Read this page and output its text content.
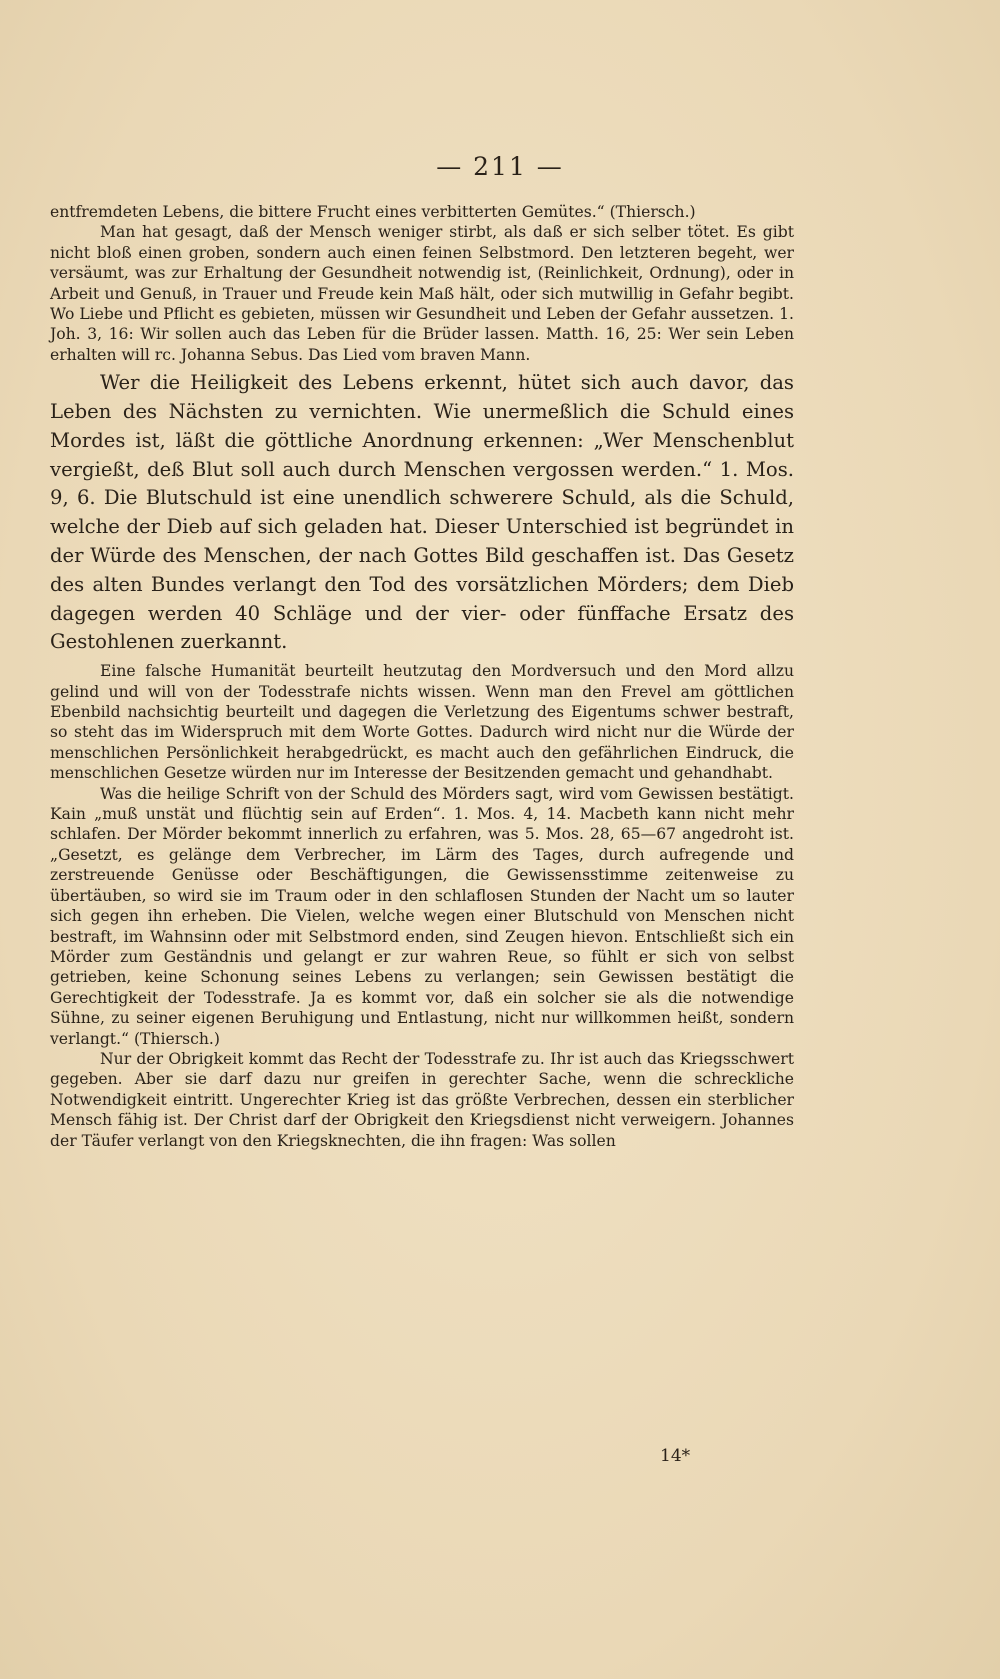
— 211 —

entfremdeten Lebens, die bittere Frucht eines verbitterten Gemütes.“ (Thiersch.)

Man hat gesagt, daß der Mensch weniger stirbt, als daß er sich selber tötet. Es gibt nicht bloß einen groben, sondern auch einen feinen Selbstmord. Den letzteren begeht, wer versäumt, was zur Erhaltung der Gesundheit notwendig ist, (Reinlichkeit, Ordnung), oder in Arbeit und Genuß, in Trauer und Freude kein Maß hält, oder sich mutwillig in Gefahr begibt. Wo Liebe und Pflicht es gebieten, müssen wir Gesundheit und Leben der Gefahr aussetzen. 1. Joh. 3, 16: Wir sollen auch das Leben für die Brüder lassen. Matth. 16, 25: Wer sein Leben erhalten will rc. Johanna Sebus. Das Lied vom braven Mann.

Wer die Heiligkeit des Lebens erkennt, hütet sich auch davor, das Leben des Nächsten zu vernichten. Wie unermeßlich die Schuld eines Mordes ist, läßt die göttliche Anordnung erkennen: „Wer Menschenblut vergießt, deß Blut soll auch durch Menschen vergossen werden.“ 1. Mos. 9, 6. Die Blutschuld ist eine unendlich schwerere Schuld, als die Schuld, welche der Dieb auf sich geladen hat. Dieser Unterschied ist begründet in der Würde des Menschen, der nach Gottes Bild geschaffen ist. Das Gesetz des alten Bundes verlangt den Tod des vorsätzlichen Mörders; dem Dieb dagegen werden 40 Schläge und der vier- oder fünffache Ersatz des Gestohlenen zuerkannt.

Eine falsche Humanität beurteilt heutzutag den Mordversuch und den Mord allzu gelind und will von der Todesstrafe nichts wissen. Wenn man den Frevel am göttlichen Ebenbild nachsichtig beurteilt und dagegen die Verletzung des Eigentums schwer bestraft, so steht das im Widerspruch mit dem Worte Gottes. Dadurch wird nicht nur die Würde der menschlichen Persönlichkeit herabgedrückt, es macht auch den gefährlichen Eindruck, die menschlichen Gesetze würden nur im Interesse der Besitzenden gemacht und gehandhabt.

Was die heilige Schrift von der Schuld des Mörders sagt, wird vom Gewissen bestätigt. Kain „muß unstät und flüchtig sein auf Erden“. 1. Mos. 4, 14. Macbeth kann nicht mehr schlafen. Der Mörder bekommt innerlich zu erfahren, was 5. Mos. 28, 65—67 angedroht ist. „Gesetzt, es gelänge dem Verbrecher, im Lärm des Tages, durch aufregende und zerstreuende Genüsse oder Beschäftigungen, die Gewissensstimme zeitenweise zu übertäuben, so wird sie im Traum oder in den schlaflosen Stunden der Nacht um so lauter sich gegen ihn erheben. Die Vielen, welche wegen einer Blutschuld von Menschen nicht bestraft, im Wahnsinn oder mit Selbstmord enden, sind Zeugen hievon. Entschließt sich ein Mörder zum Geständnis und gelangt er zur wahren Reue, so fühlt er sich von selbst getrieben, keine Schonung seines Lebens zu verlangen; sein Gewissen bestätigt die Gerechtigkeit der Todesstrafe. Ja es kommt vor, daß ein solcher sie als die notwendige Sühne, zu seiner eigenen Beruhigung und Entlastung, nicht nur willkommen heißt, sondern verlangt.“ (Thiersch.)

Nur der Obrigkeit kommt das Recht der Todesstrafe zu. Ihr ist auch das Kriegsschwert gegeben. Aber sie darf dazu nur greifen in gerechter Sache, wenn die schreckliche Notwendigkeit eintritt. Ungerechter Krieg ist das größte Verbrechen, dessen ein sterblicher Mensch fähig ist. Der Christ darf der Obrigkeit den Kriegsdienst nicht verweigern. Johannes der Täufer verlangt von den Kriegsknechten, die ihn fragen: Was sollen

14*
